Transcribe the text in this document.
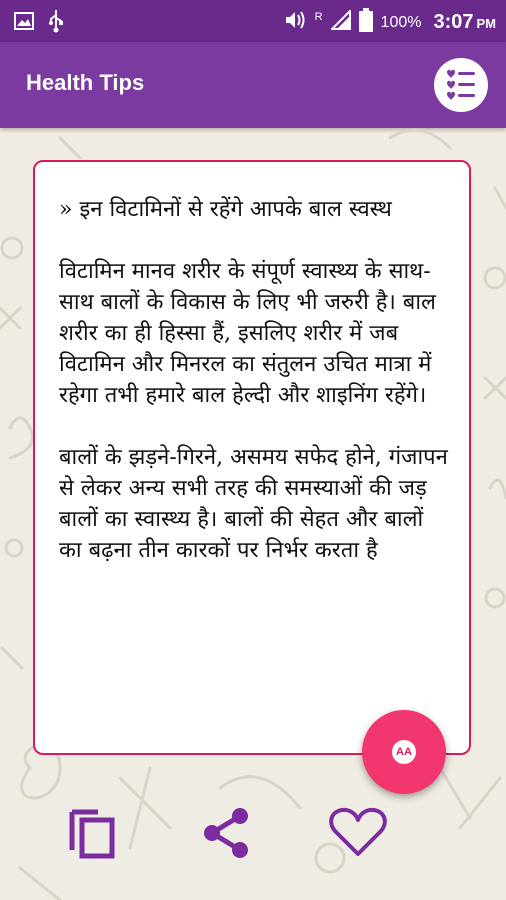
R	100% 3:07 PM
Health Tips
» इन विटामिनों से रहेंगे आपके बाल स्वस्थ

विटामिन मानव शरीर के संपूर्ण स्वास्थ्य के साथ-साथ बालों के विकास के लिए भी जरुरी है। बाल शरीर का ही हिस्सा हैं, इसलिए शरीर में जब विटामिन और मिनरल का संतुलन उचित मात्रा में रहेगा तभी हमारे बाल हेल्दी और शाइनिंग रहेंगे।

बालों के झड़ने-गिरने, असमय सफेद होने, गंजापन से लेकर अन्य सभी तरह की समस्याओं की जड़ बालों का स्वास्थ्य है। बालों की सेहत और बालों का बढ़ना तीन कारकों पर निर्भर करता है
AA
